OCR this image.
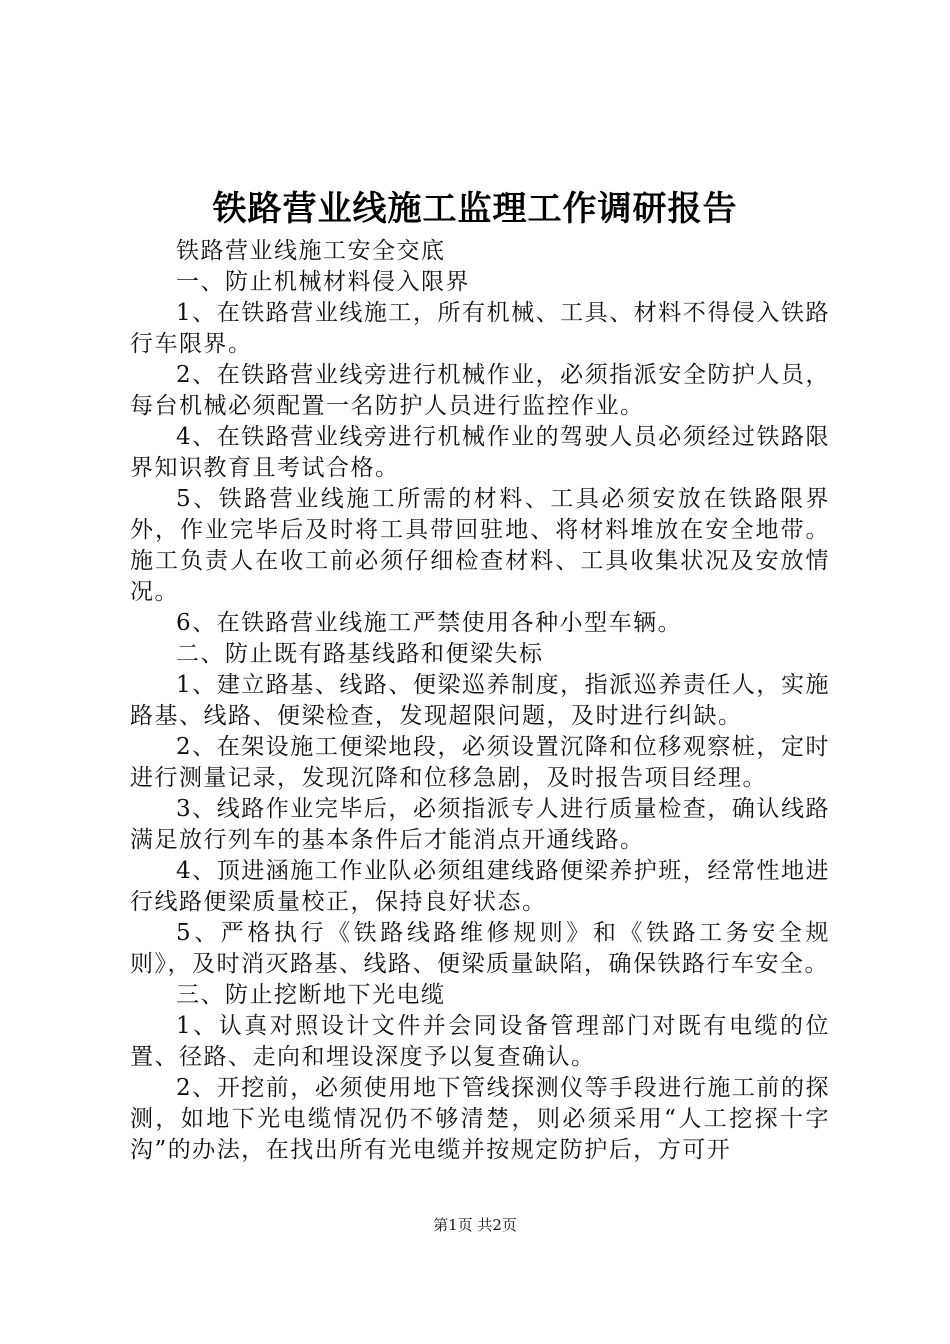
铁路营业线施工监理工作调研报告

铁路营业线施工安全交底

一、防止机械材料侵入限界

1、在铁路营业线施工，所有机械、工具、材料不得侵入铁路行车限界。

2、在铁路营业线旁进行机械作业，必须指派安全防护人员，每台机械必须配置一名防护人员进行监控作业。

4、在铁路营业线旁进行机械作业的驾驶人员必须经过铁路限界知识教育且考试合格。

5、铁路营业线施工所需的材料、工具必须安放在铁路限界外，作业完毕后及时将工具带回驻地、将材料堆放在安全地带。施工负责人在收工前必须仔细检查材料、工具收集状况及安放情况。

6、在铁路营业线施工严禁使用各种小型车辆。

二、防止既有路基线路和便梁失标

1、建立路基、线路、便梁巡养制度，指派巡养责任人，实施路基、线路、便梁检查，发现超限问题，及时进行纠缺。

2、在架设施工便梁地段，必须设置沉降和位移观察桩，定时进行测量记录，发现沉降和位移急剧，及时报告项目经理。

3、线路作业完毕后，必须指派专人进行质量检查，确认线路满足放行列车的基本条件后才能消点开通线路。

4、顶进涵施工作业队必须组建线路便梁养护班，经常性地进行线路便梁质量校正，保持良好状态。

5、严格执行《铁路线路维修规则》和《铁路工务安全规则》，及时消灭路基、线路、便梁质量缺陷，确保铁路行车安全。

三、防止挖断地下光电缆

1、认真对照设计文件并会同设备管理部门对既有电缆的位置、径路、走向和埋设深度予以复查确认。

2、开挖前，必须使用地下管线探测仪等手段进行施工前的探测，如地下光电缆情况仍不够清楚，则必须采用“人工挖探十字沟”的办法，在找出所有光电缆并按规定防护后，方可开

第1页 共2页
